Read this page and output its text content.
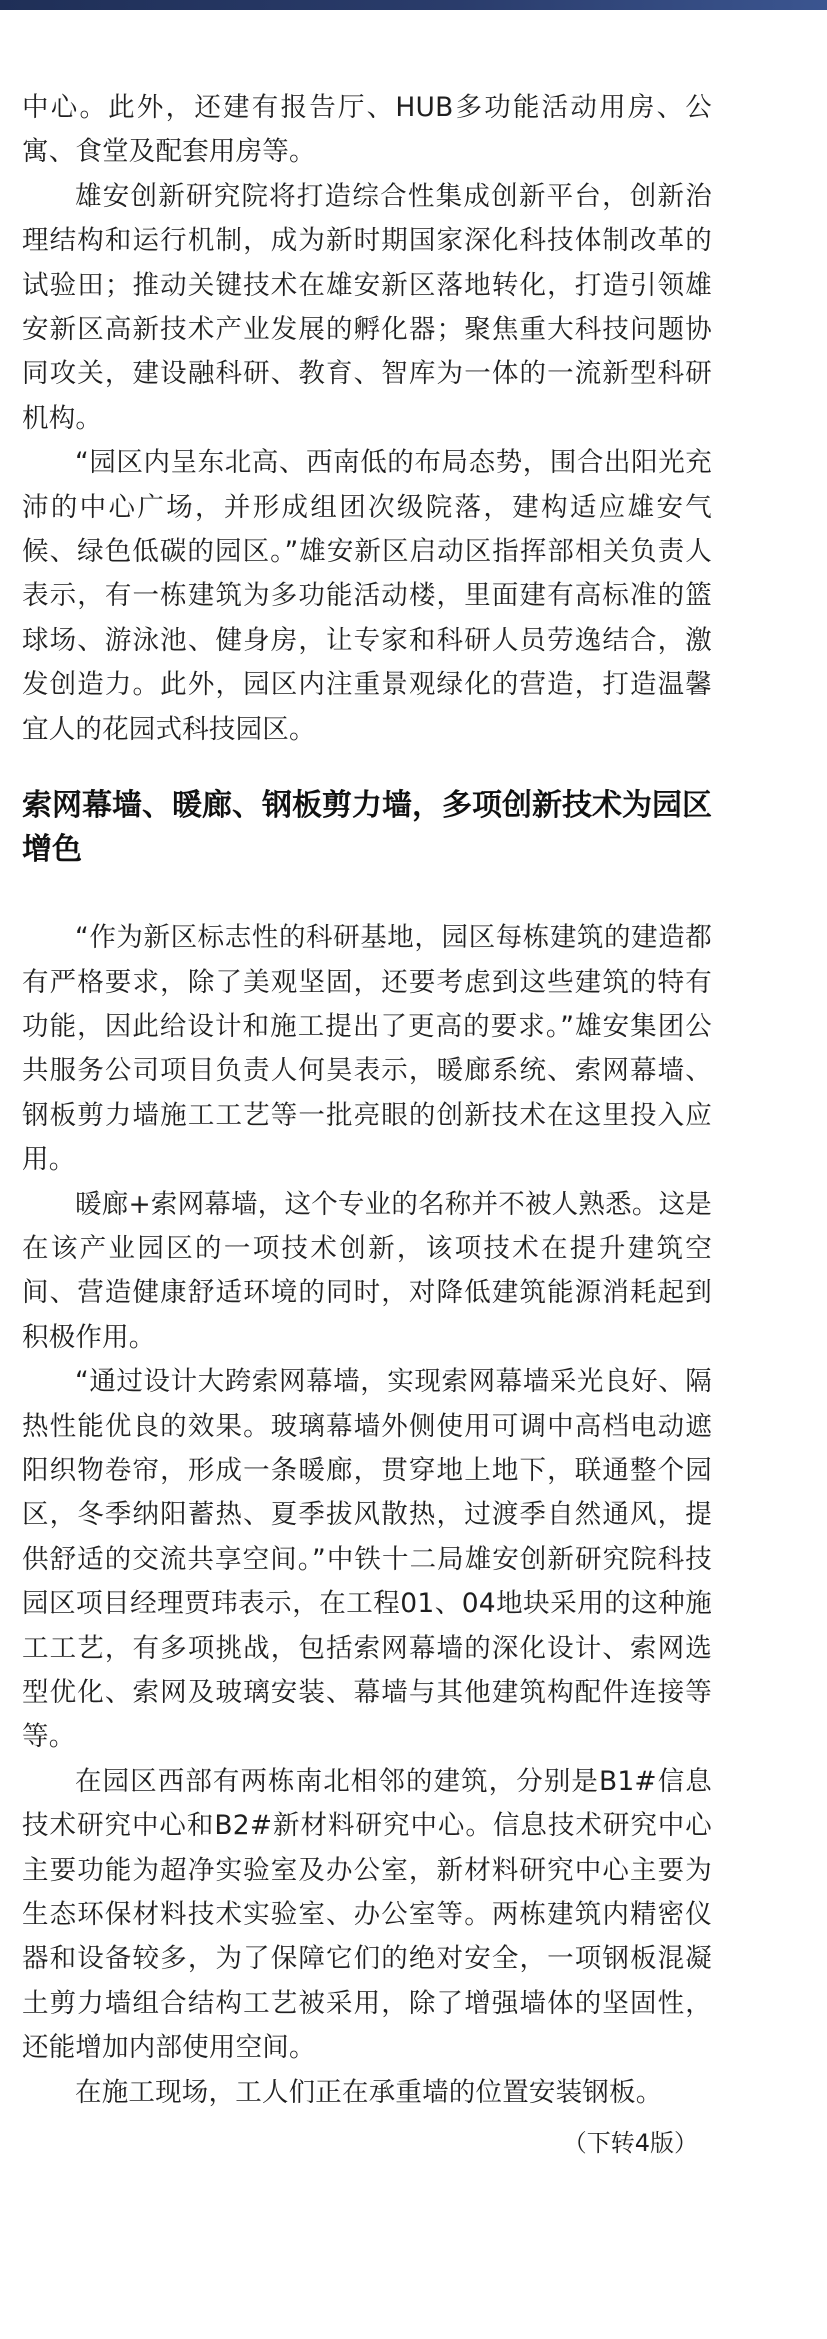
中心。此外，还建有报告厅、HUB多功能活动用房、公寓、食堂及配套用房等。

雄安创新研究院将打造综合性集成创新平台，创新治理结构和运行机制，成为新时期国家深化科技体制改革的试验田；推动关键技术在雄安新区落地转化，打造引领雄安新区高新技术产业发展的孵化器；聚焦重大科技问题协同攻关，建设融科研、教育、智库为一体的一流新型科研机构。

“园区内呈东北高、西南低的布局态势，围合出阳光充沛的中心广场，并形成组团次级院落，建构适应雄安气候、绿色低碳的园区。”雄安新区启动区指挥部相关负责人表示，有一栋建筑为多功能活动楼，里面建有高标准的篮球场、游泳池、健身房，让专家和科研人员劳逸结合，激发创造力。此外，园区内注重景观绿化的营造，打造温馨宜人的花园式科技园区。

索网幕墙、暖廊、钢板剪力墙，多项创新技术为园区增色

“作为新区标志性的科研基地，园区每栋建筑的建造都有严格要求，除了美观坚固，还要考虑到这些建筑的特有功能，因此给设计和施工提出了更高的要求。”雄安集团公共服务公司项目负责人何昊表示，暖廊系统、索网幕墙、钢板剪力墙施工工艺等一批亮眼的创新技术在这里投入应用。

暖廊+索网幕墙，这个专业的名称并不被人熟悉。这是在该产业园区的一项技术创新，该项技术在提升建筑空间、营造健康舒适环境的同时，对降低建筑能源消耗起到积极作用。

“通过设计大跨索网幕墙，实现索网幕墙采光良好、隔热性能优良的效果。玻璃幕墙外侧使用可调中高档电动遮阳织物卷帘，形成一条暖廊，贯穿地上地下，联通整个园区，冬季纳阳蓄热、夏季拔风散热，过渡季自然通风，提供舒适的交流共享空间。”中铁十二局雄安创新研究院科技园区项目经理贾玮表示，在工程01、04地块采用的这种施工工艺，有多项挑战，包括索网幕墙的深化设计、索网选型优化、索网及玻璃安装、幕墙与其他建筑构配件连接等等。

在园区西部有两栋南北相邻的建筑，分别是B1#信息技术研究中心和B2#新材料研究中心。信息技术研究中心主要功能为超净实验室及办公室，新材料研究中心主要为生态环保材料技术实验室、办公室等。两栋建筑内精密仪器和设备较多，为了保障它们的绝对安全，一项钢板混凝土剪力墙组合结构工艺被采用，除了增强墙体的坚固性，还能增加内部使用空间。

在施工现场，工人们正在承重墙的位置安装钢板。

（下转4版）
